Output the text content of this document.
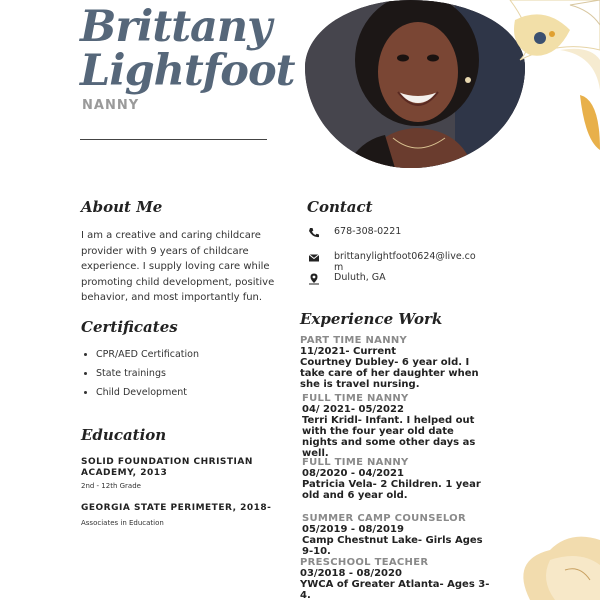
Brittany
Lightfoot
NANNY
About Me
I am a creative and caring childcare provider with 9 years of childcare experience. I supply loving care while promoting child development, positive behavior, and most importantly fun.
Contact
678-308-0221
brittanylightfoot0624@live.com
Duluth, GA
Certificates
• CPR/AED Certification
• State trainings
• Child Development
Education
SOLID FOUNDATION CHRISTIAN ACADEMY, 2013
2nd - 12th Grade
GEORGIA STATE PERIMETER, 2018-
Associates in Education
Experience Work
PART TIME NANNY
11/2021- Current
Courtney Dubley- 6 year old. I take care of her daughter when she is travel nursing.
FULL TIME NANNY
04/ 2021- 05/2022
Terri Kridl- Infant. I helped out with the four year old date nights and some other days as well.
FULL TIME NANNY
08/2020 - 04/2021
Patricia Vela- 2 Children. 1 year old and 6 year old.
SUMMER CAMP COUNSELOR
05/2019 - 08/2019
Camp Chestnut Lake- Girls Ages 9-10.
PRESCHOOL TEACHER
03/2018 - 08/2020
YWCA of Greater Atlanta- Ages 3-4.
